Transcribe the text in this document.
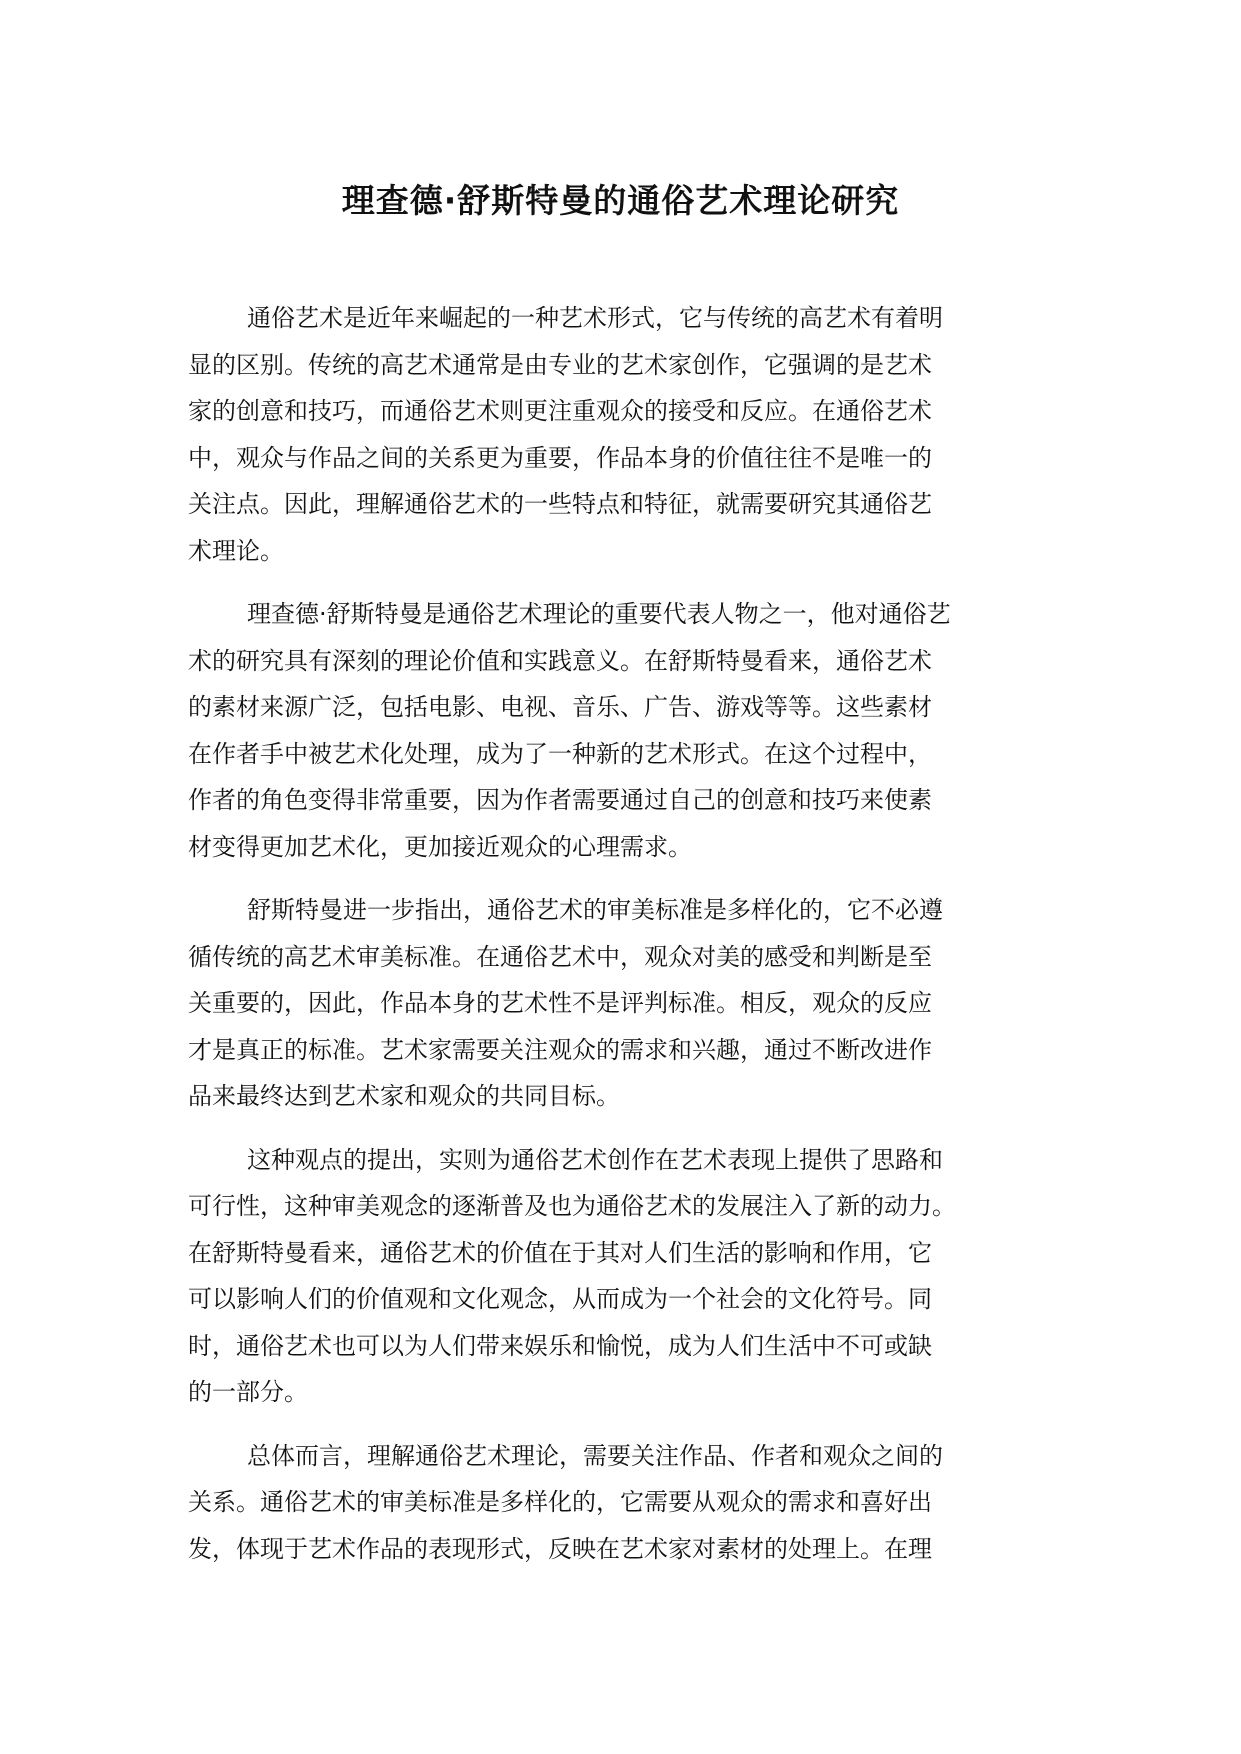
理查德·舒斯特曼的通俗艺术理论研究
通俗艺术是近年来崛起的一种艺术形式，它与传统的高艺术有着明
显的区别。传统的高艺术通常是由专业的艺术家创作，它强调的是艺术
家的创意和技巧，而通俗艺术则更注重观众的接受和反应。在通俗艺术
中，观众与作品之间的关系更为重要，作品本身的价值往往不是唯一的
关注点。因此，理解通俗艺术的一些特点和特征，就需要研究其通俗艺
术理论。
理查德·舒斯特曼是通俗艺术理论的重要代表人物之一，他对通俗艺
术的研究具有深刻的理论价值和实践意义。在舒斯特曼看来，通俗艺术
的素材来源广泛，包括电影、电视、音乐、广告、游戏等等。这些素材
在作者手中被艺术化处理，成为了一种新的艺术形式。在这个过程中，
作者的角色变得非常重要，因为作者需要通过自己的创意和技巧来使素
材变得更加艺术化，更加接近观众的心理需求。
舒斯特曼进一步指出，通俗艺术的审美标准是多样化的，它不必遵
循传统的高艺术审美标准。在通俗艺术中，观众对美的感受和判断是至
关重要的，因此，作品本身的艺术性不是评判标准。相反，观众的反应
才是真正的标准。艺术家需要关注观众的需求和兴趣，通过不断改进作
品来最终达到艺术家和观众的共同目标。
这种观点的提出，实则为通俗艺术创作在艺术表现上提供了思路和
可行性，这种审美观念的逐渐普及也为通俗艺术的发展注入了新的动力。
在舒斯特曼看来，通俗艺术的价值在于其对人们生活的影响和作用，它
可以影响人们的价值观和文化观念，从而成为一个社会的文化符号。同
时，通俗艺术也可以为人们带来娱乐和愉悦，成为人们生活中不可或缺
的一部分。
总体而言，理解通俗艺术理论，需要关注作品、作者和观众之间的
关系。通俗艺术的审美标准是多样化的，它需要从观众的需求和喜好出
发，体现于艺术作品的表现形式，反映在艺术家对素材的处理上。在理
